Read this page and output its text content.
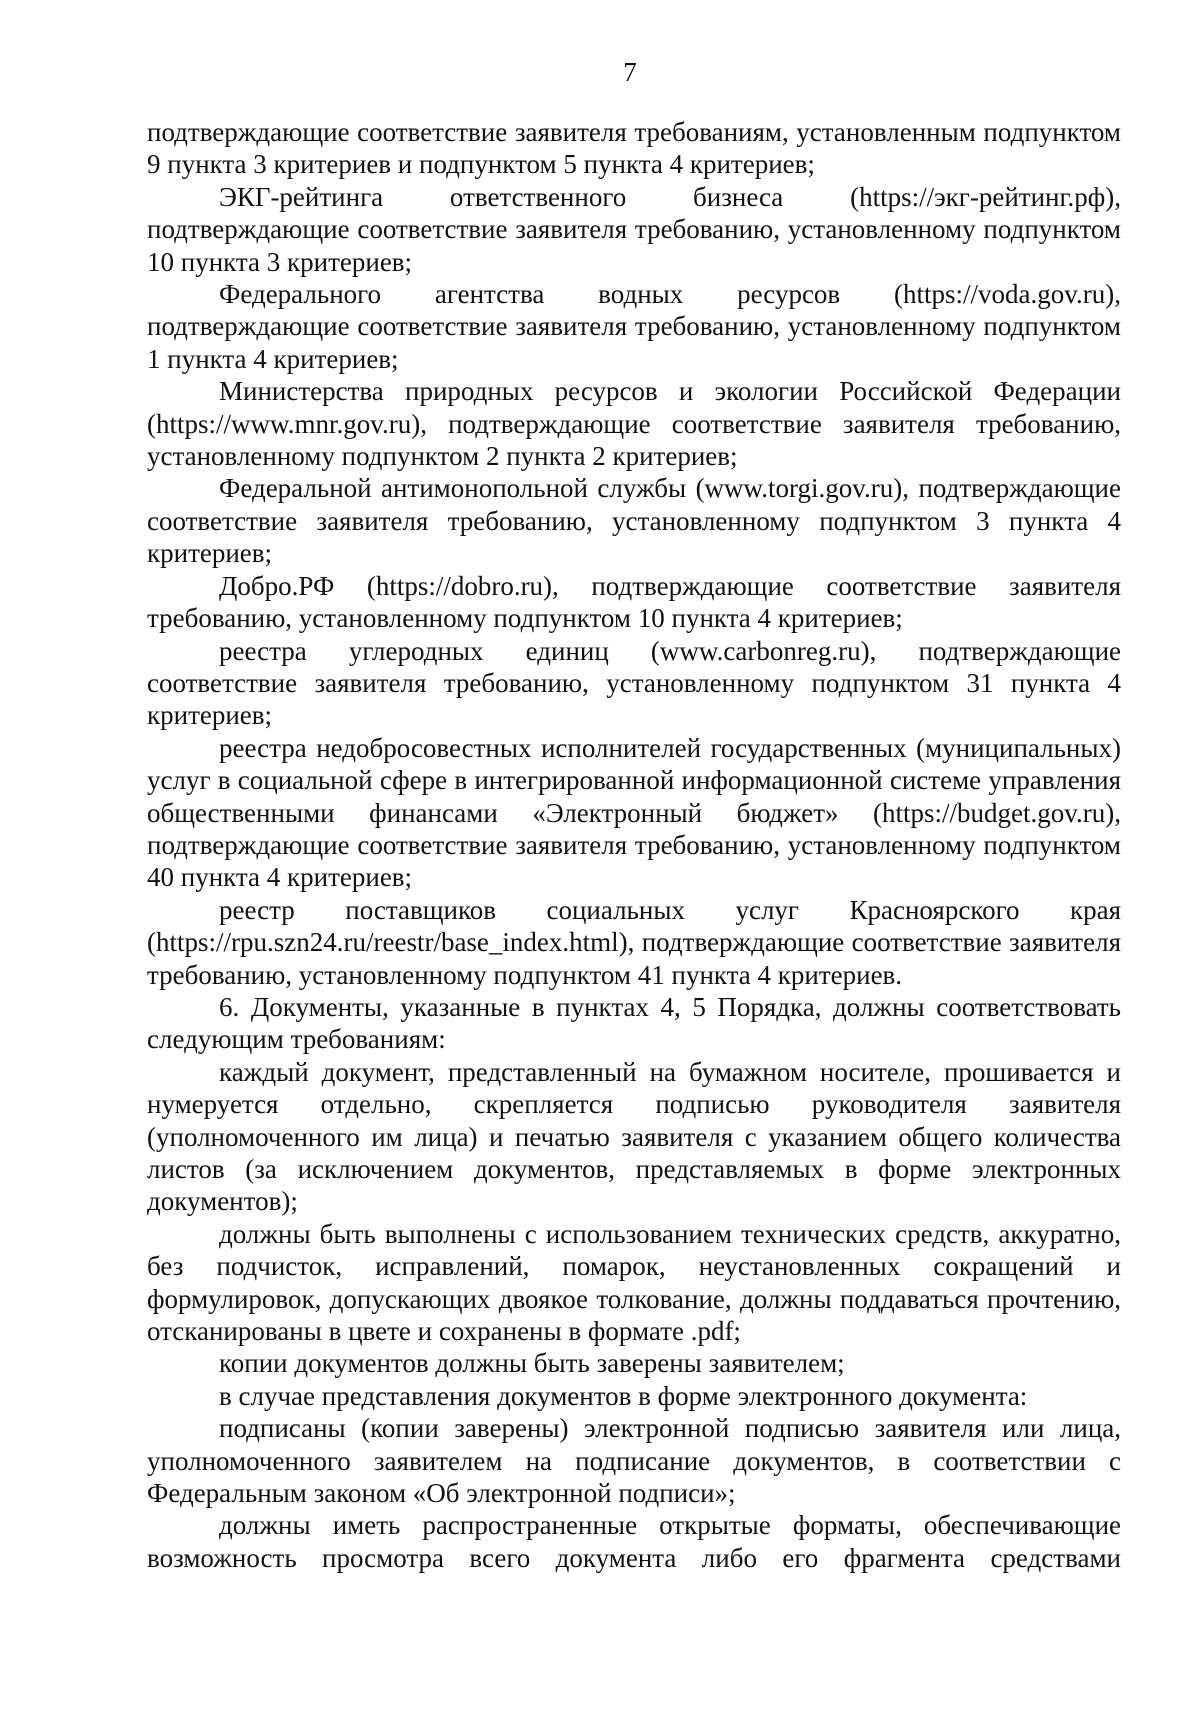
7

подтверждающие соответствие заявителя требованиям, установленным подпунктом 9 пункта 3 критериев и подпунктом 5 пункта 4 критериев;

ЭКГ-рейтинга ответственного бизнеса (https://экг-рейтинг.рф), подтверждающие соответствие заявителя требованию, установленному подпунктом 10 пункта 3 критериев;

Федерального агентства водных ресурсов (https://voda.gov.ru), подтверждающие соответствие заявителя требованию, установленному подпунктом 1 пункта 4 критериев;

Министерства природных ресурсов и экологии Российской Федерации (https://www.mnr.gov.ru), подтверждающие соответствие заявителя требованию, установленному подпунктом 2 пункта 2 критериев;

Федеральной антимонопольной службы (www.torgi.gov.ru), подтверждающие соответствие заявителя требованию, установленному подпунктом 3 пункта 4 критериев;

Добро.РФ (https://dobro.ru), подтверждающие соответствие заявителя требованию, установленному подпунктом 10 пункта 4 критериев;

реестра углеродных единиц (www.carbonreg.ru), подтверждающие соответствие заявителя требованию, установленному подпунктом 31 пункта 4 критериев;

реестра недобросовестных исполнителей государственных (муниципальных) услуг в социальной сфере в интегрированной информационной системе управления общественными финансами «Электронный бюджет» (https://budget.gov.ru), подтверждающие соответствие заявителя требованию, установленному подпунктом 40 пункта 4 критериев;

реестр поставщиков социальных услуг Красноярского края (https://rpu.szn24.ru/reestr/base_index.html), подтверждающие соответствие заявителя требованию, установленному подпунктом 41 пункта 4 критериев.

6. Документы, указанные в пунктах 4, 5 Порядка, должны соответствовать следующим требованиям:

каждый документ, представленный на бумажном носителе, прошивается и нумеруется отдельно, скрепляется подписью руководителя заявителя (уполномоченного им лица) и печатью заявителя с указанием общего количества листов (за исключением документов, представляемых в форме электронных документов);

должны быть выполнены с использованием технических средств, аккуратно, без подчисток, исправлений, помарок, неустановленных сокращений и формулировок, допускающих двоякое толкование, должны поддаваться прочтению, отсканированы в цвете и сохранены в формате .pdf;

копии документов должны быть заверены заявителем;

в случае представления документов в форме электронного документа:

подписаны (копии заверены) электронной подписью заявителя или лица, уполномоченного заявителем на подписание документов, в соответствии с Федеральным законом «Об электронной подписи»;

должны иметь распространенные открытые форматы, обеспечивающие возможность просмотра всего документа либо его фрагмента средствами
